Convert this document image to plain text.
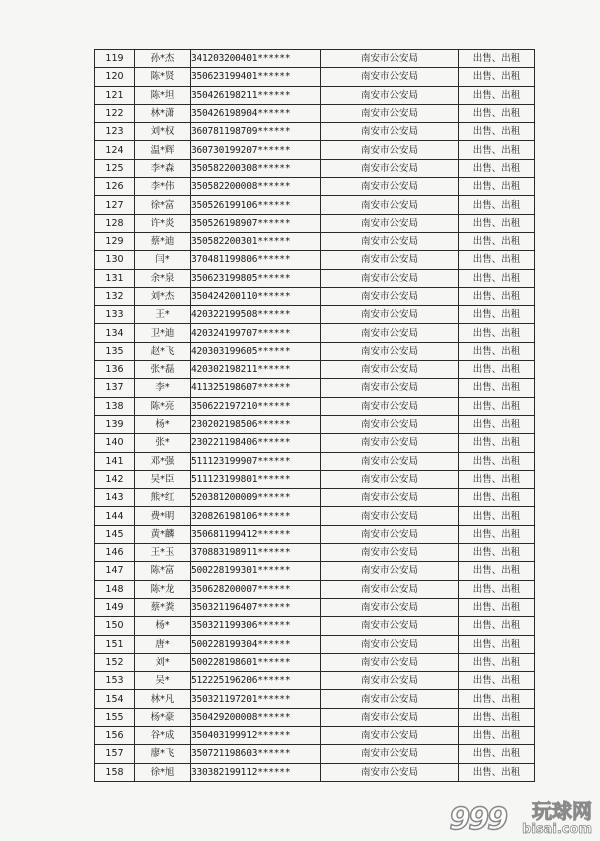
119	孙*杰	341203200401******	南安市公安局	出售、出租
120	陈*贤	350623199401******	南安市公安局	出售、出租
121	陈*坦	350426198211******	南安市公安局	出售、出租
122	林*潇	350426198904******	南安市公安局	出售、出租
123	刘*权	360781198709******	南安市公安局	出售、出租
124	温*辉	360730199207******	南安市公安局	出售、出租
125	李*森	350582200308******	南安市公安局	出售、出租
126	李*伟	350582200008******	南安市公安局	出售、出租
127	徐*富	350526199106******	南安市公安局	出售、出租
128	许*炎	350526198907******	南安市公安局	出售、出租
129	蔡*迪	350582200301******	南安市公安局	出售、出租
130	闫*	370481199806******	南安市公安局	出售、出租
131	余*泉	350623199805******	南安市公安局	出售、出租
132	刘*杰	350424200110******	南安市公安局	出售、出租
133	王*	420322199508******	南安市公安局	出售、出租
134	卫*迪	420324199707******	南安市公安局	出售、出租
135	赵*飞	420303199605******	南安市公安局	出售、出租
136	张*磊	420302198211******	南安市公安局	出售、出租
137	李*	411325198607******	南安市公安局	出售、出租
138	陈*亮	350622197210******	南安市公安局	出售、出租
139	杨*	230202198506******	南安市公安局	出售、出租
140	张*	230221198406******	南安市公安局	出售、出租
141	邓*强	511123199907******	南安市公安局	出售、出租
142	吴*臣	511123199801******	南安市公安局	出售、出租
143	熊*红	520381200009******	南安市公安局	出售、出租
144	费*明	320826198106******	南安市公安局	出售、出租
145	黄*麟	350681199412******	南安市公安局	出售、出租
146	王*玉	370883198911******	南安市公安局	出售、出租
147	陈*富	500228199301******	南安市公安局	出售、出租
148	陈*龙	350628200007******	南安市公安局	出售、出租
149	蔡*粪	350321196407******	南安市公安局	出售、出租
150	杨*	350321199306******	南安市公安局	出售、出租
151	唐*	500228199304******	南安市公安局	出售、出租
152	刘*	500228198601******	南安市公安局	出售、出租
153	吴*	512225196206******	南安市公安局	出售、出租
154	林*凡	350321197201******	南安市公安局	出售、出租
155	杨*豪	350429200008******	南安市公安局	出售、出租
156	谷*成	350403199912******	南安市公安局	出售、出租
157	廖*飞	350721198603******	南安市公安局	出售、出租
158	徐*旭	330382199112******	南安市公安局	出售、出租
999 玩球网
bisai.com
